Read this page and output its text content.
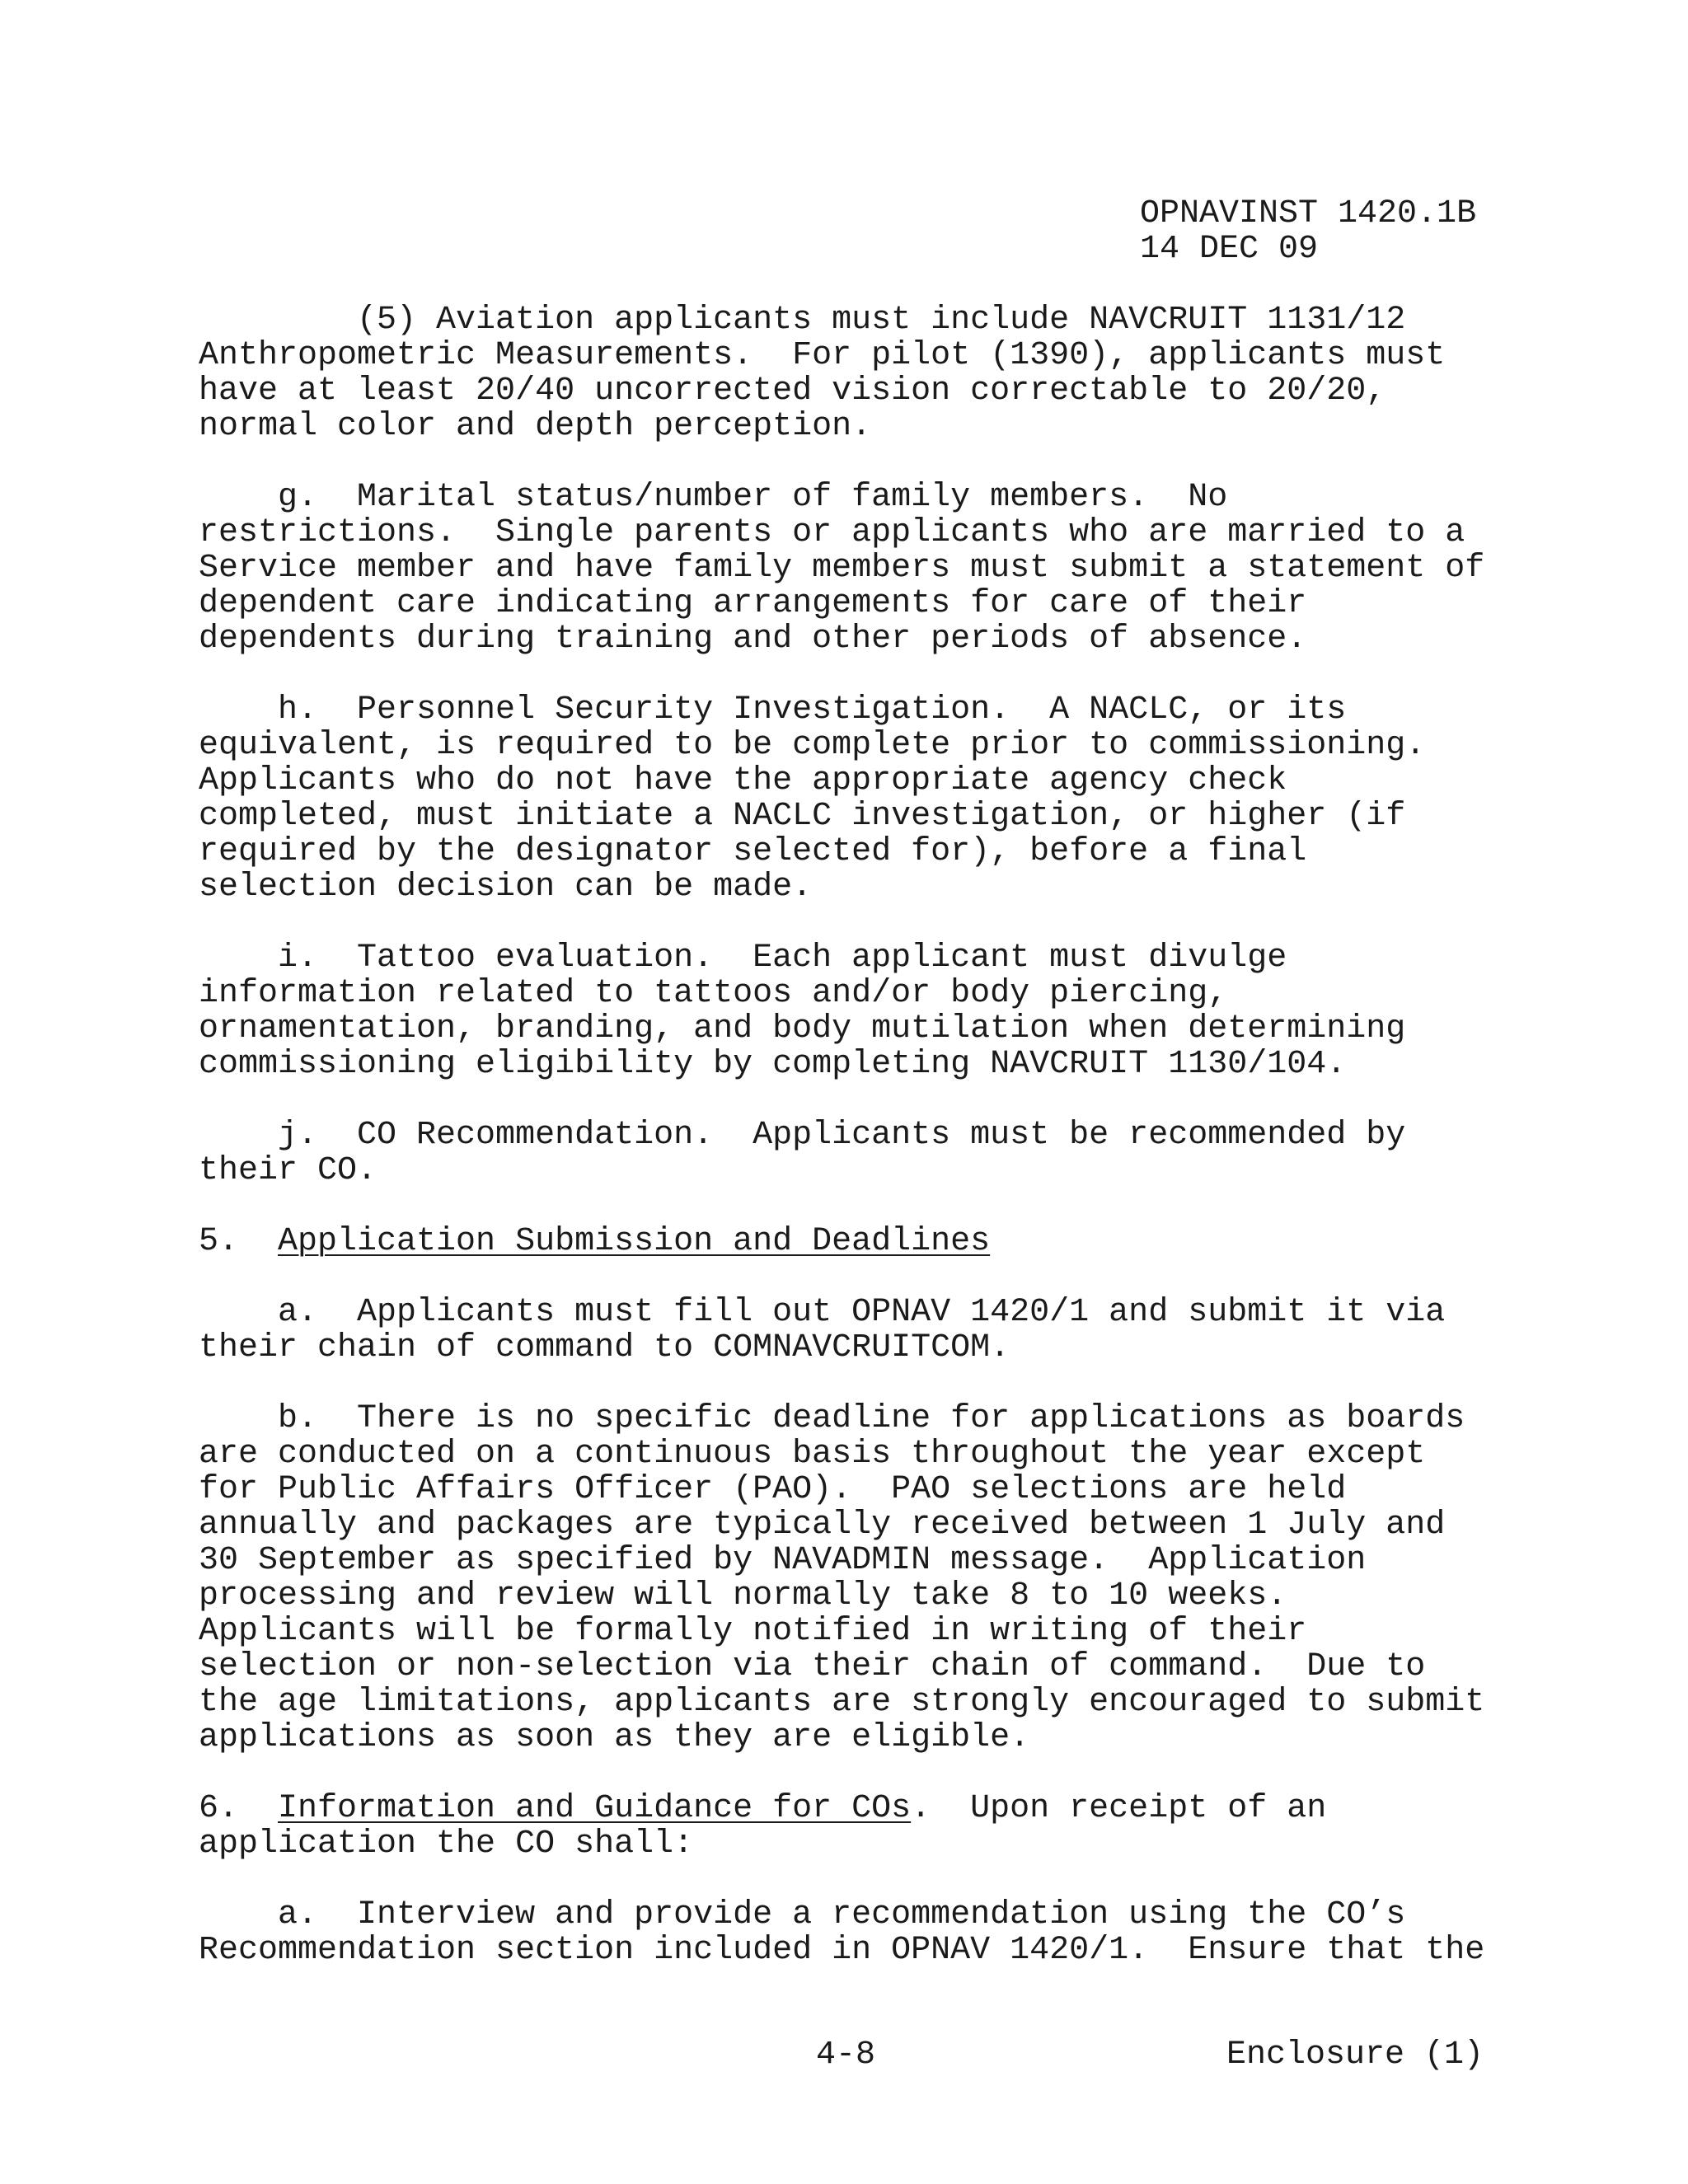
OPNAVINST 1420.1B
14 DEC 09
(5) Aviation applicants must include NAVCRUIT 1131/12
Anthropometric Measurements.  For pilot (1390), applicants must
have at least 20/40 uncorrected vision correctable to 20/20,
normal color and depth perception.
g.  Marital status/number of family members.  No
restrictions.  Single parents or applicants who are married to a
Service member and have family members must submit a statement of
dependent care indicating arrangements for care of their
dependents during training and other periods of absence.
h.  Personnel Security Investigation.  A NACLC, or its
equivalent, is required to be complete prior to commissioning.
Applicants who do not have the appropriate agency check
completed, must initiate a NACLC investigation, or higher (if
required by the designator selected for), before a final
selection decision can be made.
i.  Tattoo evaluation.  Each applicant must divulge
information related to tattoos and/or body piercing,
ornamentation, branding, and body mutilation when determining
commissioning eligibility by completing NAVCRUIT 1130/104.
j.  CO Recommendation.  Applicants must be recommended by
their CO.
5.  Application Submission and Deadlines
a.  Applicants must fill out OPNAV 1420/1 and submit it via
their chain of command to COMNAVCRUITCOM.
b.  There is no specific deadline for applications as boards
are conducted on a continuous basis throughout the year except
for Public Affairs Officer (PAO).  PAO selections are held
annually and packages are typically received between 1 July and
30 September as specified by NAVADMIN message.  Application
processing and review will normally take 8 to 10 weeks.
Applicants will be formally notified in writing of their
selection or non-selection via their chain of command.  Due to
the age limitations, applicants are strongly encouraged to submit
applications as soon as they are eligible.
6.  Information and Guidance for COs.  Upon receipt of an
application the CO shall:
a.  Interview and provide a recommendation using the CO’s
Recommendation section included in OPNAV 1420/1.  Ensure that the
4-8	Enclosure (1)
